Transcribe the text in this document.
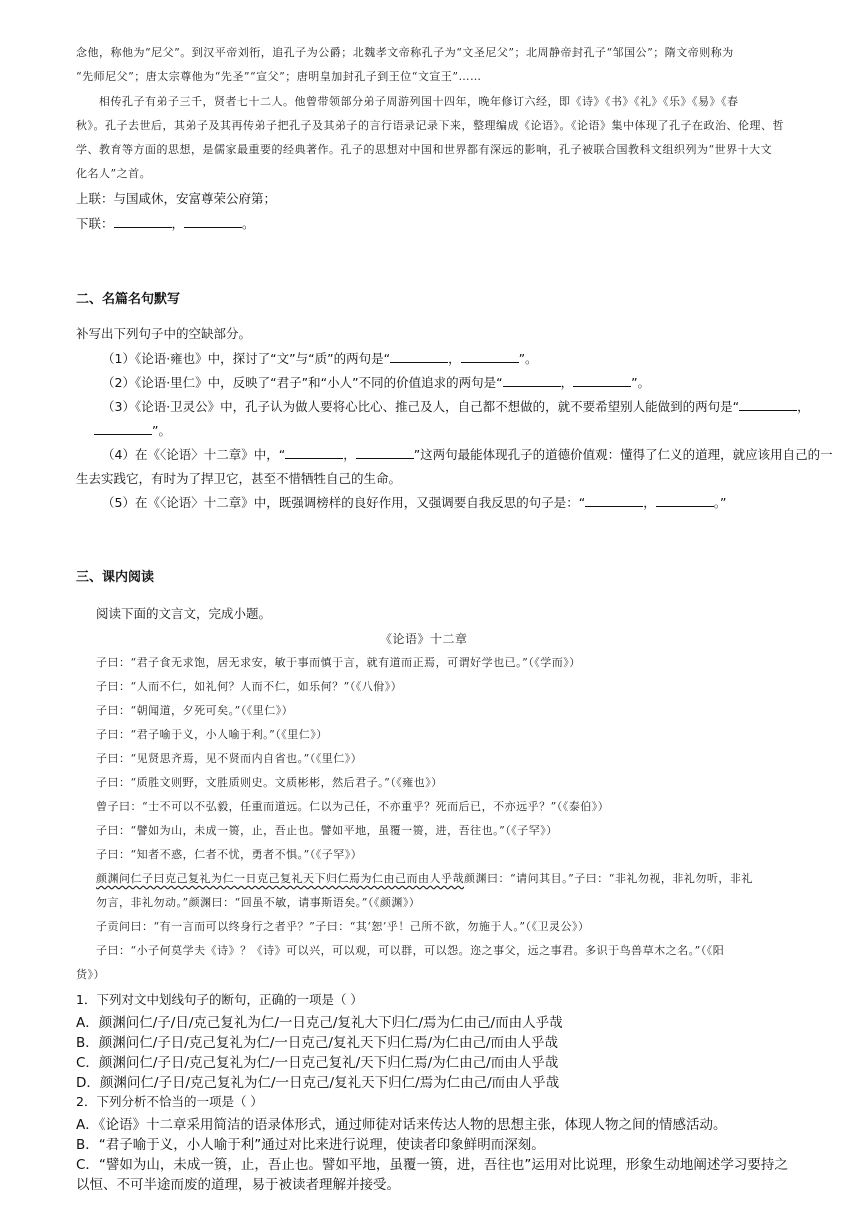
念他，称他为“尼父”。到汉平帝刘衎，追孔子为公爵；北魏孝文帝称孔子为“文圣尼父”；北周静帝封孔子“邹国公”；隋文帝则称为
“先师尼父”；唐太宗尊他为“先圣”“宣父”；唐明皇加封孔子到王位“文宣王”……
　　相传孔子有弟子三千，贤者七十二人。他曾带领部分弟子周游列国十四年，晚年修订六经，即《诗》《书》《礼》《乐》《易》《春
秋》。孔子去世后，其弟子及其再传弟子把孔子及其弟子的言行语录记录下来，整理编成《论语》。《论语》集中体现了孔子在政治、伦理、哲
学、教育等方面的思想，是儒家最重要的经典著作。孔子的思想对中国和世界都有深远的影响，孔子被联合国教科文组织列为“世界十大文
化名人”之首。
上联：与国咸休，安富尊荣公府第；
下联：	，	。
二、名篇名句默写
补写出下列句子中的空缺部分。
（1）《论语·雍也》中，探讨了“文”与“质”的两句是“	，	”。
（2）《论语·里仁》中，反映了“君子”和“小人”不同的价值追求的两句是“	，	”。
（3）《论语·卫灵公》中，孔子认为做人要将心比心、推己及人，自己都不想做的，就不要希望别人能做到的两句是“	，
”。
（4）在《〈论语〉十二章》中，“	，	”这两句最能体现孔子的道德价值观：懂得了仁义的道理，就应该用自己的一
生去实践它，有时为了捍卫它，甚至不惜牺牲自己的生命。
（5）在《〈论语〉十二章》中，既强调榜样的良好作用，又强调要自我反思的句子是：“	，	。”
三、课内阅读
阅读下面的文言文，完成小题。
《论语》十二章
子曰：“君子食无求饱，居无求安，敏于事而慎于言，就有道而正焉，可谓好学也已。”（《学而》）
子曰：“人而不仁，如礼何？人而不仁，如乐何？”（《八佾》）
子曰：“朝闻道，夕死可矣。”（《里仁》）
子曰：“君子喻于义，小人喻于利。”（《里仁》）
子曰：“见贤思齐焉，见不贤而内自省也。”（《里仁》）
子曰：“质胜文则野，文胜质则史。文质彬彬，然后君子。”（《雍也》）
曾子曰：“士不可以不弘毅，任重而道远。仁以为己任，不亦重乎？死而后已，不亦远乎？”（《泰伯》）
子曰：“譬如为山，未成一篑，止，吾止也。譬如平地，虽覆一篑，进，吾往也。”（《子罕》）
子曰：“知者不惑，仁者不忧，勇者不惧。”（《子罕》）
颜渊问仁子曰克己复礼为仁一日克己复礼天下归仁焉为仁由己而由人乎哉颜渊曰：“请问其目。”子曰：“非礼勿视，非礼勿听，非礼
勿言，非礼勿动。”颜渊曰：“回虽不敏，请事斯语矣。”（《颜渊》）
子贡问曰：“有一言而可以终身行之者乎？”子曰：“其‘恕’乎！己所不欲，勿施于人。”（《卫灵公》）
子曰：“小子何莫学夫《诗》？《诗》可以兴，可以观，可以群，可以怨。迩之事父，远之事君。多识于鸟兽草木之名。”（《阳
货》）
1．下列对文中划线句子的断句，正确的一项是（ ）
A．颜渊问仁/子/日/克己复礼为仁/一日克己/复礼大下归仁/焉为仁由己/而由人乎哉
B．颜渊问仁/子日/克己复礼为仁/一日克己/复礼天下归仁焉/为仁由己/而由人乎哉
C．颜渊问仁/子日/克己复礼为仁/一日克己复礼/天下归仁焉/为仁由己/而由人乎哉
D．颜渊问仁/子日/克己复礼为仁/一日克己/复礼天下归仁/焉为仁由己/而由人乎哉
2．下列分析不恰当的一项是（ ）
A．《论语》十二章采用简洁的语录体形式，通过师徒对话来传达人物的思想主张，体现人物之间的情感活动。
B．“君子喻于义，小人喻于利”通过对比来进行说理，使读者印象鲜明而深刻。
C．“譬如为山，未成一篑，止，吾止也。譬如平地，虽覆一篑，进，吾往也”运用对比说理，形象生动地阐述学习要持之
以恒、不可半途而废的道理，易于被读者理解并接受。
